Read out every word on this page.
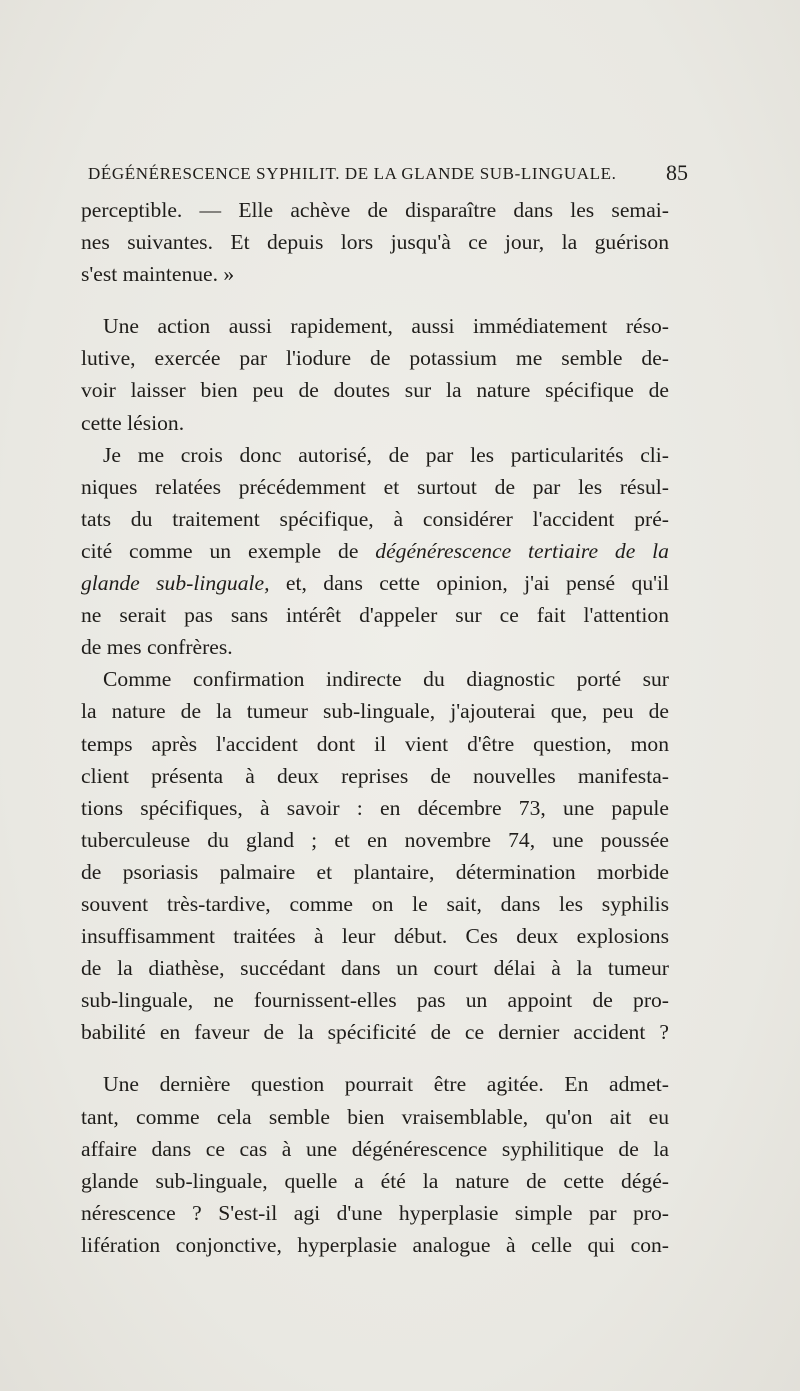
DÉGÉNÉRESCENCE SYPHILIT. DE LA GLANDE SUB-LINGUALE. 85
perceptible. — Elle achève de disparaître dans les semai-
nes suivantes. Et depuis lors jusqu'à ce jour, la guérison
s'est maintenue. »
Une action aussi rapidement, aussi immédiatement réso-
lutive, exercée par l'iodure de potassium me semble de-
voir laisser bien peu de doutes sur la nature spécifique de
cette lésion.
Je me crois donc autorisé, de par les particularités cli-
niques relatées précédemment et surtout de par les résul-
tats du traitement spécifique, à considérer l'accident pré-
cité comme un exemple de dégénérescence tertiaire de la
glande sub-linguale, et, dans cette opinion, j'ai pensé qu'il
ne serait pas sans intérêt d'appeler sur ce fait l'attention
de mes confrères.
Comme confirmation indirecte du diagnostic porté sur
la nature de la tumeur sub-linguale, j'ajouterai que, peu de
temps après l'accident dont il vient d'être question, mon
client présenta à deux reprises de nouvelles manifesta-
tions spécifiques, à savoir : en décembre 73, une papule
tuberculeuse du gland ; et en novembre 74, une poussée
de psoriasis palmaire et plantaire, détermination morbide
souvent très-tardive, comme on le sait, dans les syphilis
insuffisamment traitées à leur début. Ces deux explosions
de la diathèse, succédant dans un court délai à la tumeur
sub-linguale, ne fournissent-elles pas un appoint de pro-
babilité en faveur de la spécificité de ce dernier accident ?
Une dernière question pourrait être agitée. En admet-
tant, comme cela semble bien vraisemblable, qu'on ait eu
affaire dans ce cas à une dégénérescence syphilitique de la
glande sub-linguale, quelle a été la nature de cette dégé-
nérescence ? S'est-il agi d'une hyperplasie simple par pro-
lifération conjonctive, hyperplasie analogue à celle qui con-
